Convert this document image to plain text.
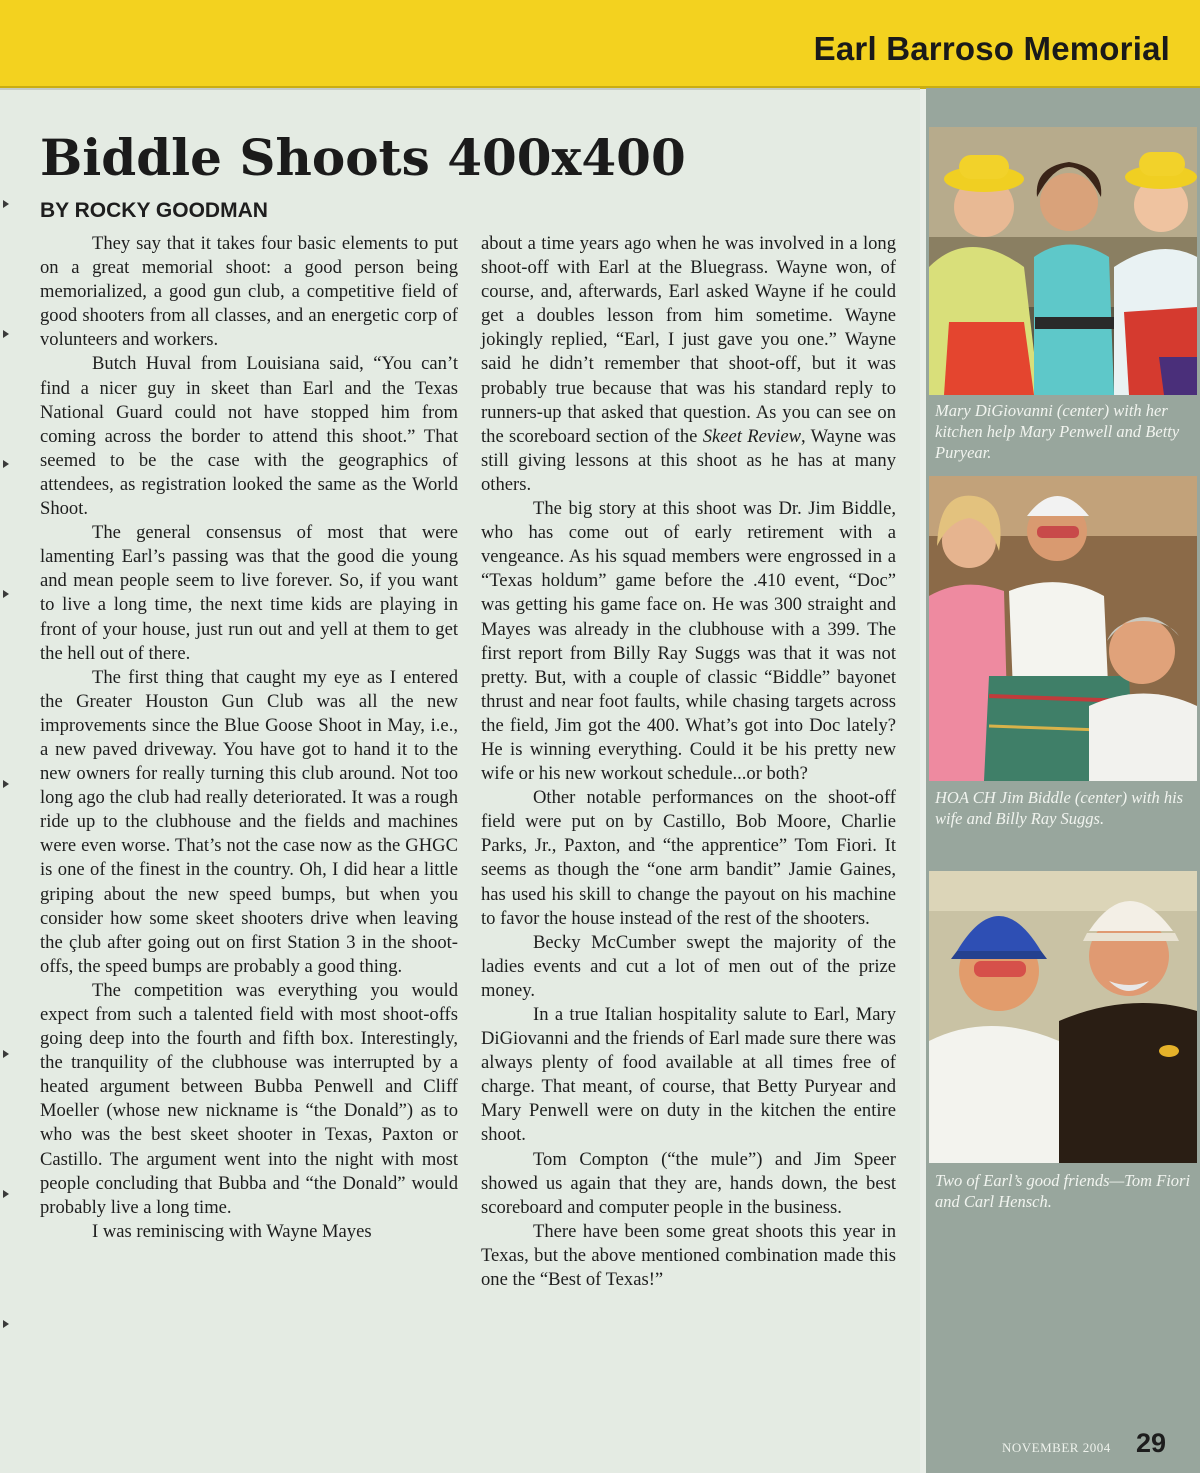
Earl Barroso Memorial
Biddle Shoots 400x400
BY ROCKY GOODMAN

They say that it takes four basic elements to put on a great memorial shoot: a good person being memorialized, a good gun club, a competitive field of good shooters from all classes, and an energetic corp of volunteers and workers.

Butch Huval from Louisiana said, “You can’t find a nicer guy in skeet than Earl and the Texas National Guard could not have stopped him from coming across the border to attend this shoot.” That seemed to be the case with the geographics of attendees, as registration looked the same as the World Shoot.

The general consensus of most that were lamenting Earl’s passing was that the good die young and mean people seem to live forever. So, if you want to live a long time, the next time kids are playing in front of your house, just run out and yell at them to get the hell out of there.

The first thing that caught my eye as I entered the Greater Houston Gun Club was all the new improvements since the Blue Goose Shoot in May, i.e., a new paved driveway. You have got to hand it to the new owners for really turning this club around. Not too long ago the club had really deteriorated. It was a rough ride up to the clubhouse and the fields and machines were even worse. That’s not the case now as the GHGC is one of the finest in the country. Oh, I did hear a little griping about the new speed bumps, but when you consider how some skeet shooters drive when leaving the çlub after going out on first Station 3 in the shoot-offs, the speed bumps are probably a good thing.

The competition was everything you would expect from such a talented field with most shoot-offs going deep into the fourth and fifth box. Interestingly, the tranquility of the clubhouse was interrupted by a heated argument between Bubba Penwell and Cliff Moeller (whose new nickname is “the Donald”) as to who was the best skeet shooter in Texas, Paxton or Castillo. The argument went into the night with most people concluding that Bubba and “the Donald” would probably live a long time.

I was reminiscing with Wayne Mayes

about a time years ago when he was involved in a long shoot-off with Earl at the Bluegrass. Wayne won, of course, and, afterwards, Earl asked Wayne if he could get a doubles lesson from him sometime. Wayne jokingly replied, “Earl, I just gave you one.” Wayne said he didn’t remember that shoot-off, but it was probably true because that was his standard reply to runners-up that asked that question. As you can see on the scoreboard section of the Skeet Review, Wayne was still giving lessons at this shoot as he has at many others.

The big story at this shoot was Dr. Jim Biddle, who has come out of early retirement with a vengeance. As his squad members were engrossed in a “Texas holdum” game before the .410 event, “Doc” was getting his game face on. He was 300 straight and Mayes was already in the clubhouse with a 399. The first report from Billy Ray Suggs was that it was not pretty. But, with a couple of classic “Biddle” bayonet thrust and near foot faults, while chasing targets across the field, Jim got the 400. What’s got into Doc lately? He is winning everything. Could it be his pretty new wife or his new workout schedule...or both?

Other notable performances on the shoot-off field were put on by Castillo, Bob Moore, Charlie Parks, Jr., Paxton, and “the apprentice” Tom Fiori. It seems as though the “one arm bandit” Jamie Gaines, has used his skill to change the payout on his machine to favor the house instead of the rest of the shooters.

Becky McCumber swept the majority of the ladies events and cut a lot of men out of the prize money.

In a true Italian hospitality salute to Earl, Mary DiGiovanni and the friends of Earl made sure there was always plenty of food available at all times free of charge. That meant, of course, that Betty Puryear and Mary Penwell were on duty in the kitchen the entire shoot.

Tom Compton (“the mule”) and Jim Speer showed us again that they are, hands down, the best scoreboard and computer people in the business.

There have been some great shoots this year in Texas, but the above mentioned combination made this one the “Best of Texas!”

Mary DiGiovanni (center) with her kitchen help Mary Penwell and Betty Puryear.
HOA CH Jim Biddle (center) with his wife and Billy Ray Suggs.
Two of Earl’s good friends—Tom Fiori and Carl Hensch.
NOVEMBER 2004 29
